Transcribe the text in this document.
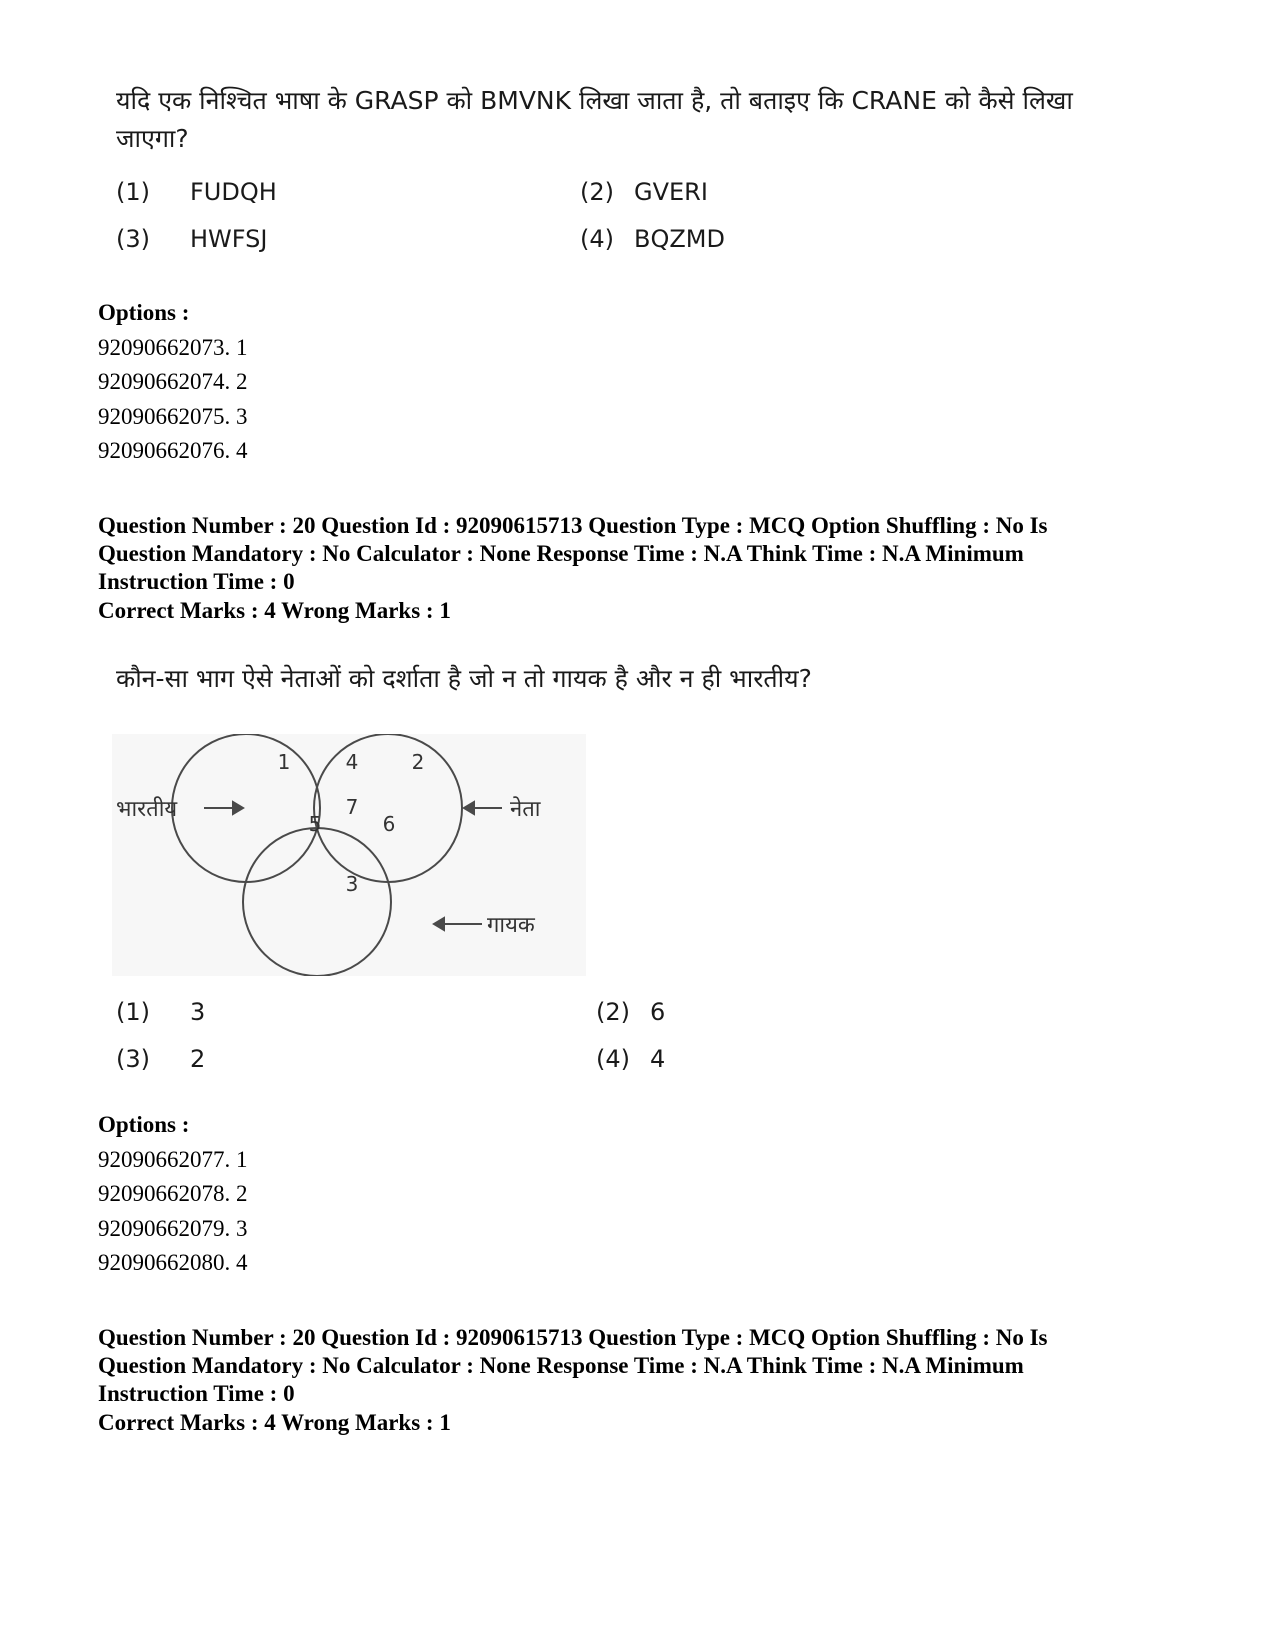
यदि एक निश्चित भाषा के GRASP को BMVNK लिखा जाता है, तो बताइए कि CRANE को कैसे लिखा जाएगा?
(1) FUDQH	(2) GVERI
(3) HWFSJ	(4) BQZMD
Options :
92090662073. 1
92090662074. 2
92090662075. 3
92090662076. 4
Question Number : 20 Question Id : 92090615713 Question Type : MCQ Option Shuffling : No Is
Question Mandatory : No Calculator : None Response Time : N.A Think Time : N.A Minimum
Instruction Time : 0
Correct Marks : 4 Wrong Marks : 1
कौन-सा भाग ऐसे नेताओं को दर्शाता है जो न तो गायक है और न ही भारतीय?
भारतीय	नेता
गायक
1	2
3
4
5	6
7
(1) 3	(2) 6
(3) 2	(4) 4
Options :
92090662077. 1
92090662078. 2
92090662079. 3
92090662080. 4
Question Number : 20 Question Id : 92090615713 Question Type : MCQ Option Shuffling : No Is
Question Mandatory : No Calculator : None Response Time : N.A Think Time : N.A Minimum
Instruction Time : 0
Correct Marks : 4 Wrong Marks : 1
